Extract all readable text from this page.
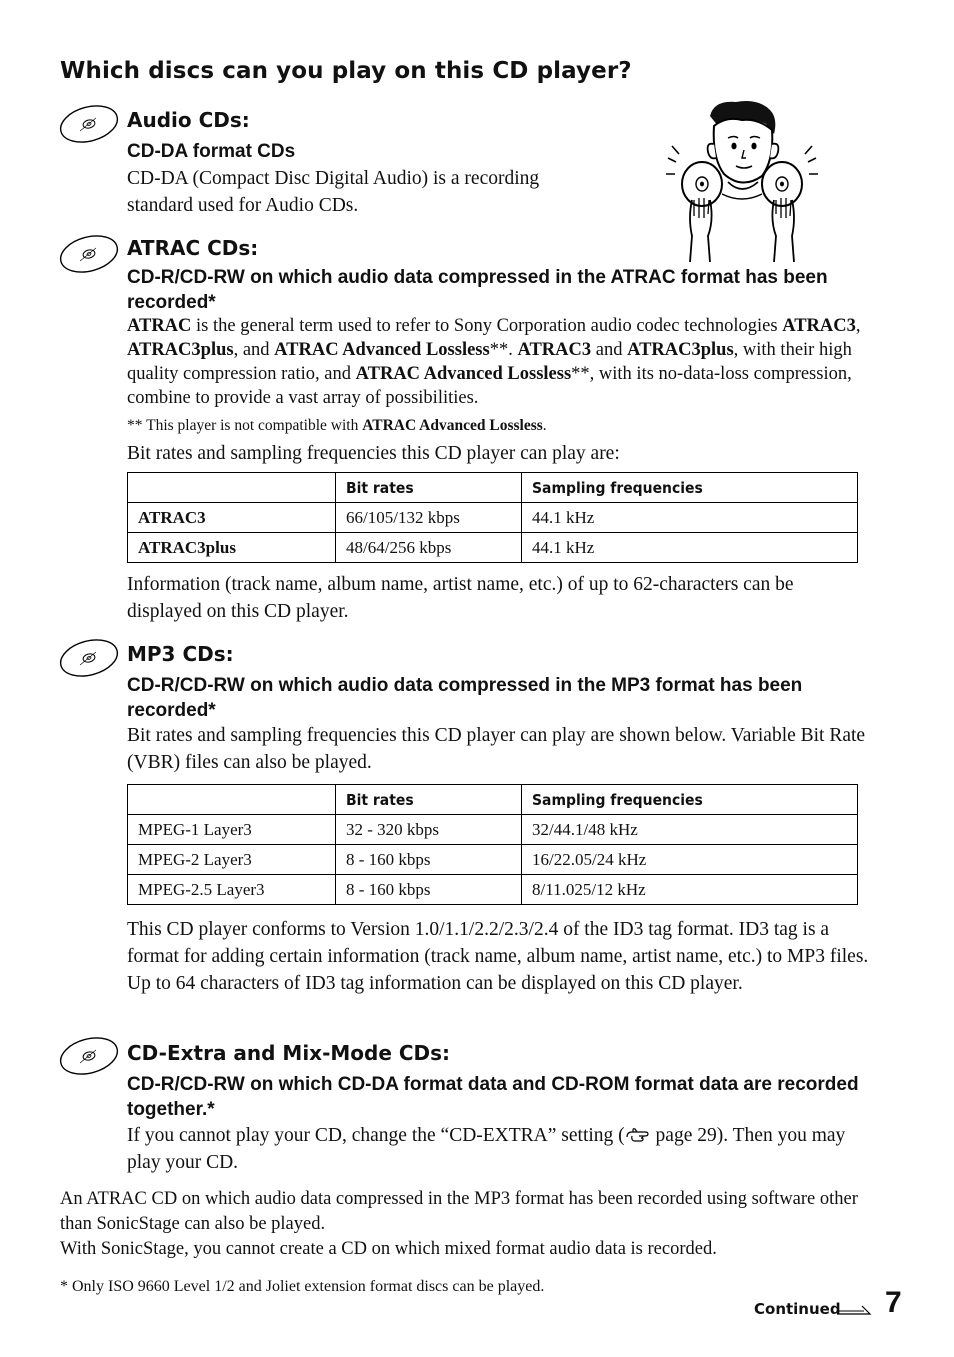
Which discs can you play on this CD player?
Audio CDs:
CD-DA format CDs
CD-DA (Compact Disc Digital Audio) is a recording
standard used for Audio CDs.
ATRAC CDs:
CD-R/CD-RW on which audio data compressed in the ATRAC format has been recorded*
ATRAC is the general term used to refer to Sony Corporation audio codec technologies ATRAC3, ATRAC3plus, and ATRAC Advanced Lossless**. ATRAC3 and ATRAC3plus, with their high quality compression ratio, and ATRAC Advanced Lossless**, with its no-data-loss compression, combine to provide a vast array of possibilities.
** This player is not compatible with ATRAC Advanced Lossless.
Bit rates and sampling frequencies this CD player can play are:
	Bit rates	Sampling frequencies
ATRAC3	66/105/132 kbps	44.1 kHz
ATRAC3plus	48/64/256 kbps	44.1 kHz
Information (track name, album name, artist name, etc.) of up to 62-characters can be displayed on this CD player.
MP3 CDs:
CD-R/CD-RW on which audio data compressed in the MP3 format has been recorded*
Bit rates and sampling frequencies this CD player can play are shown below. Variable Bit Rate (VBR) files can also be played.
	Bit rates	Sampling frequencies
MPEG-1 Layer3	32 - 320 kbps	32/44.1/48 kHz
MPEG-2 Layer3	8 - 160 kbps	16/22.05/24 kHz
MPEG-2.5 Layer3	8 - 160 kbps	8/11.025/12 kHz
This CD player conforms to Version 1.0/1.1/2.2/2.3/2.4 of the ID3 tag format. ID3 tag is a format for adding certain information (track name, album name, artist name, etc.) to MP3 files. Up to 64 characters of ID3 tag information can be displayed on this CD player.
CD-Extra and Mix-Mode CDs:
CD-R/CD-RW on which CD-DA format data and CD-ROM format data are recorded together.*
If you cannot play your CD, change the “CD-EXTRA” setting ( page 29). Then you may play your CD.
An ATRAC CD on which audio data compressed in the MP3 format has been recorded using software other than SonicStage can also be played.
With SonicStage, you cannot create a CD on which mixed format audio data is recorded.
* Only ISO 9660 Level 1/2 and Joliet extension format discs can be played.
Continued 7
